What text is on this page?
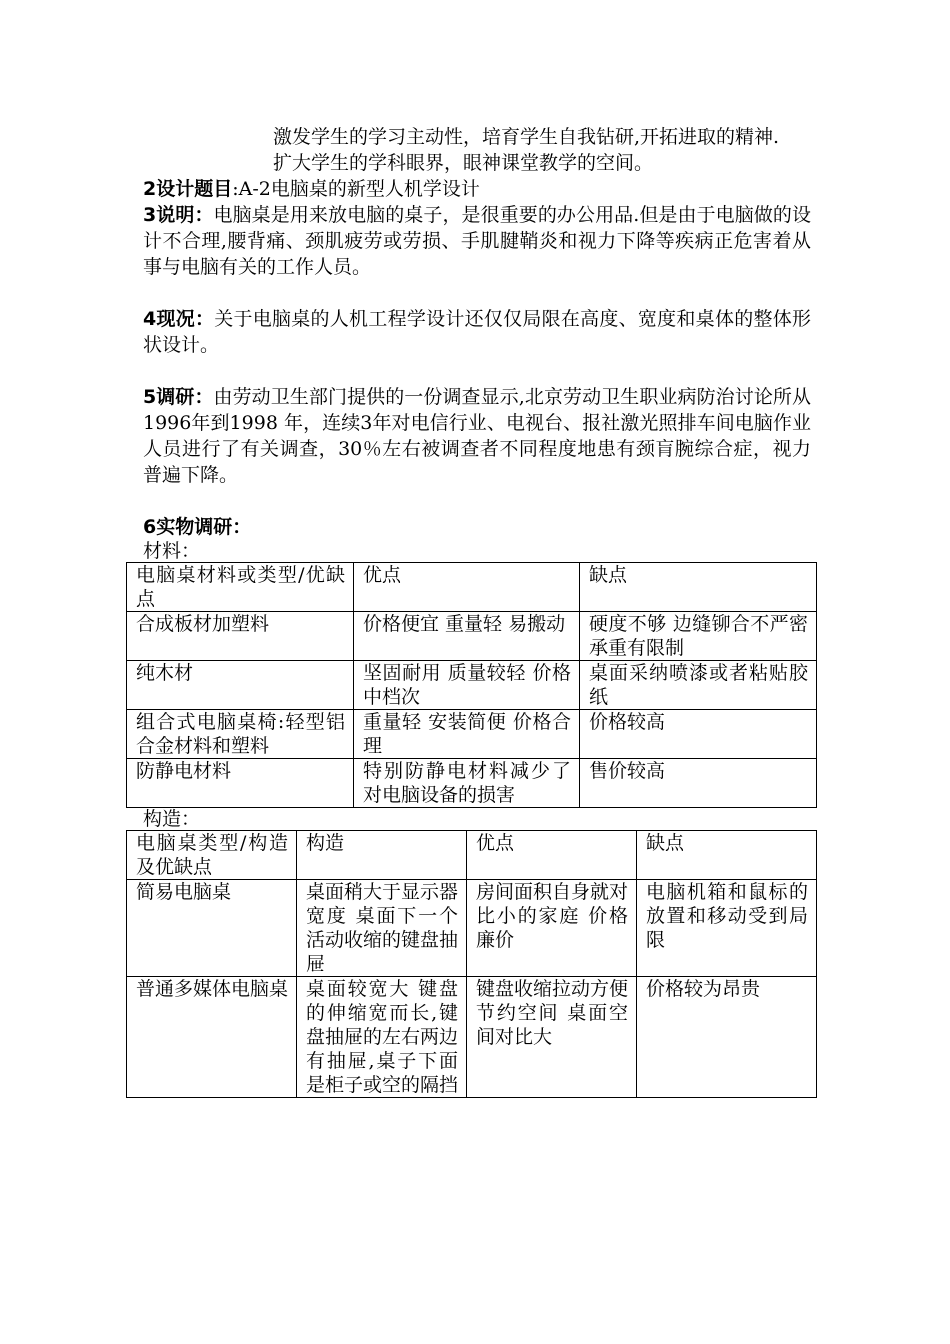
激发学生的学习主动性，培育学生自我钻研,开拓进取的精神.

扩大学生的学科眼界，眼神课堂教学的空间。

2设计题目:A-2电脑桌的新型人机学设计

3说明：电脑桌是用来放电脑的桌子，是很重要的办公用品.但是由于电脑做的设计不合理,腰背痛、颈肌疲劳或劳损、手肌腱鞘炎和视力下降等疾病正危害着从事与电脑有关的工作人员。

4现况：关于电脑桌的人机工程学设计还仅仅局限在高度、宽度和桌体的整体形状设计。

5调研：由劳动卫生部门提供的一份调查显示,北京劳动卫生职业病防治讨论所从1996年到1998 年，连续3年对电信行业、电视台、报社激光照排车间电脑作业人员进行了有关调查，30％左右被调查者不同程度地患有颈肓腕综合症，视力普遍下降。

6实物调研：

材料：

电脑桌材料或类型/优缺点	优点	缺点
合成板材加塑料	价格便宜 重量轻 易搬动	硬度不够 边缝铆合不严密 承重有限制
纯木材	坚固耐用 质量较轻 价格中档次	桌面采纳喷漆或者粘贴胶纸
组合式电脑桌椅:轻型铝合金材料和塑料	重量轻 安装简便 价格合理	价格较高
防静电材料	特别防静电材料减少了对电脑设备的损害	售价较高

构造：

电脑桌类型/构造及优缺点	构造	优点	缺点
简易电脑桌	桌面稍大于显示器宽度 桌面下一个活动收缩的键盘抽屉	房间面积自身就对比小的家庭 价格廉价	电脑机箱和鼠标的放置和移动受到局限
普通多媒体电脑桌	桌面较宽大 键盘的伸缩宽而长,键盘抽屉的左右两边有抽屉,桌子下面是柜子或空的隔挡	键盘收缩拉动方便 节约空间 桌面空间对比大	价格较为昂贵
